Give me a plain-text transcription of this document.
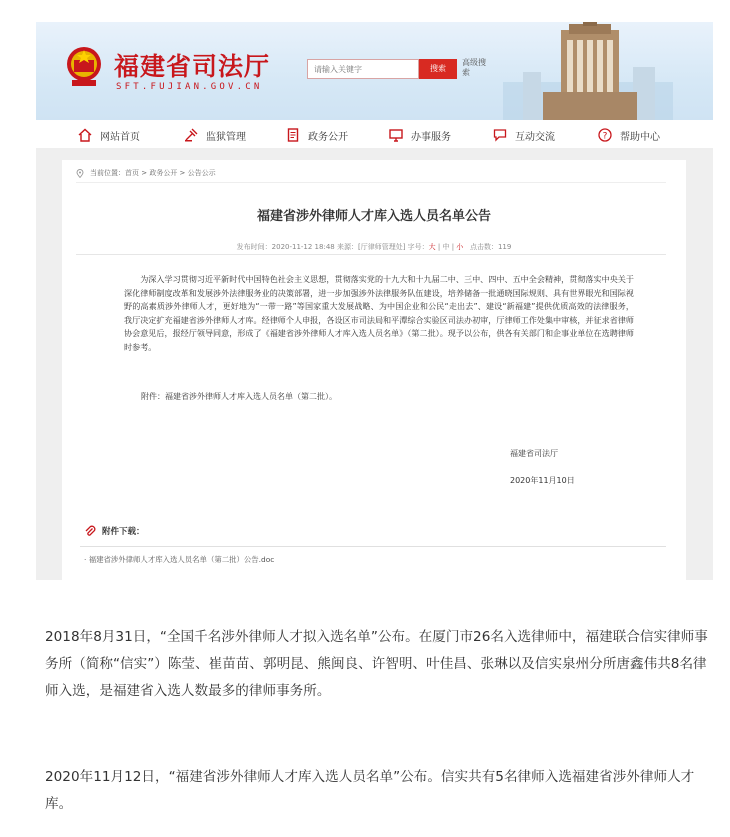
福建省司法厅
SFT.FUJIAN.GOV.CN
请输入关键字
搜索
高级搜索
网站首页	监狱管理	政务公开	办事服务	互动交流	? 帮助中心
当前位置：首页 > 政务公开 > 公告公示
福建省涉外律师人才库入选人员名单公告
发布时间：2020-11-12 18:48 来源：[厅律师管理处] 字号：大 | 中 | 小 点击数：119
为深入学习贯彻习近平新时代中国特色社会主义思想，贯彻落实党的十九大和十九届二中、三中、四中、五中全会精神，贯彻落实中央关于深化律师制度改革和发展涉外法律服务业的决策部署，进一步加强涉外法律服务队伍建设，培养储备一批通晓国际规则、具有世界眼光和国际视野的高素质涉外律师人才，更好地为“一带一路”等国家重大发展战略、为中国企业和公民“走出去”、建设“新福建”提供优质高效的法律服务，我厅决定扩充福建省涉外律师人才库。经律师个人申报，各设区市司法局和平潭综合实验区司法办初审，厅律师工作处集中审核，并征求省律师协会意见后，报经厅领导同意，形成了《福建省涉外律师人才库入选人员名单》（第二批）。现予以公布，供各有关部门和企事业单位在选聘律师时参考。
附件：福建省涉外律师人才库入选人员名单（第二批）。
福建省司法厅
2020年11月10日
附件下载：
· 福建省涉外律师人才库入选人员名单（第二批）公告.doc
2018年8月31日，“全国千名涉外律师人才拟入选名单”公布。在厦门市26名入选律师中，福建联合信实律师事务所（简称“信实”）陈莹、崔苗苗、郭明昆、熊闽良、许智明、叶佳昌、张琳以及信实泉州分所唐鑫伟共8名律师入选，是福建省入选人数最多的律师事务所。
2020年11月12日，“福建省涉外律师人才库入选人员名单”公布。信实共有5名律师入选福建省涉外律师人才库。
